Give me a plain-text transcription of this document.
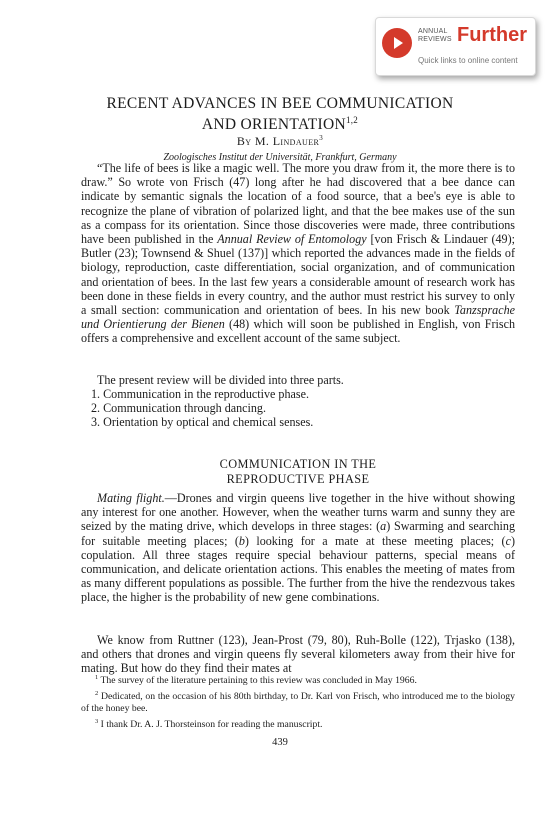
ANNUAL
REVIEWS Further
Quick links to online content
RECENT ADVANCES IN BEE COMMUNICATION
AND ORIENTATION$^{1,2}$
By M. Lindauer$^3$
Zoologisches Institut der Universität, Frankfurt, Germany

“The life of bees is like a magic well. The more you draw from it, the more there is to draw.” So wrote von Frisch (47) long after he had discovered that a bee dance can indicate by semantic signals the location of a food source, that a bee's eye is able to recognize the plane of vibration of polarized light, and that the bee makes use of the sun as a compass for its orientation. Since those discoveries were made, three contributions have been published in the Annual Review of Entomology [von Frisch & Lindauer (49); Butler (23); Townsend & Shuel (137)] which reported the advances made in the fields of biology, reproduction, caste differentiation, social organization, and of communication and orientation of bees. In the last few years a considerable amount of research work has been done in these fields in every country, and the author must restrict his survey to only a small section: communication and orientation of bees. In his new book Tanzsprache und Orientierung der Bienen (48) which will soon be published in English, von Frisch offers a comprehensive and excellent account of the same subject.

The present review will be divided into three parts.

1. Communication in the reproductive phase.
2. Communication through dancing.
3. Orientation by optical and chemical senses.
COMMUNICATION IN THE
REPRODUCTIVE PHASE

Mating flight.—Drones and virgin queens live together in the hive without showing any interest for one another. However, when the weather turns warm and sunny they are seized by the mating drive, which develops in three stages: (a) Swarming and searching for suitable meeting places; (b) looking for a mate at these meeting places; (c) copulation. All three stages require special behaviour patterns, special means of communication, and delicate orientation actions. This enables the meeting of mates from as many different populations as possible. The further from the hive the rendezvous takes place, the higher is the probability of new gene combinations.

We know from Ruttner (123), Jean-Prost (79, 80), Ruh-Bolle (122), Trjasko (138), and others that drones and virgin queens fly several kilometers away from their hive for mating. But how do they find their mates at

$^1$ The survey of the literature pertaining to this review was concluded in May 1966.

$^2$ Dedicated, on the occasion of his 80th birthday, to Dr. Karl von Frisch, who introduced me to the biology of the honey bee.

$^3$ I thank Dr. A. J. Thorsteinson for reading the manuscript.

439
